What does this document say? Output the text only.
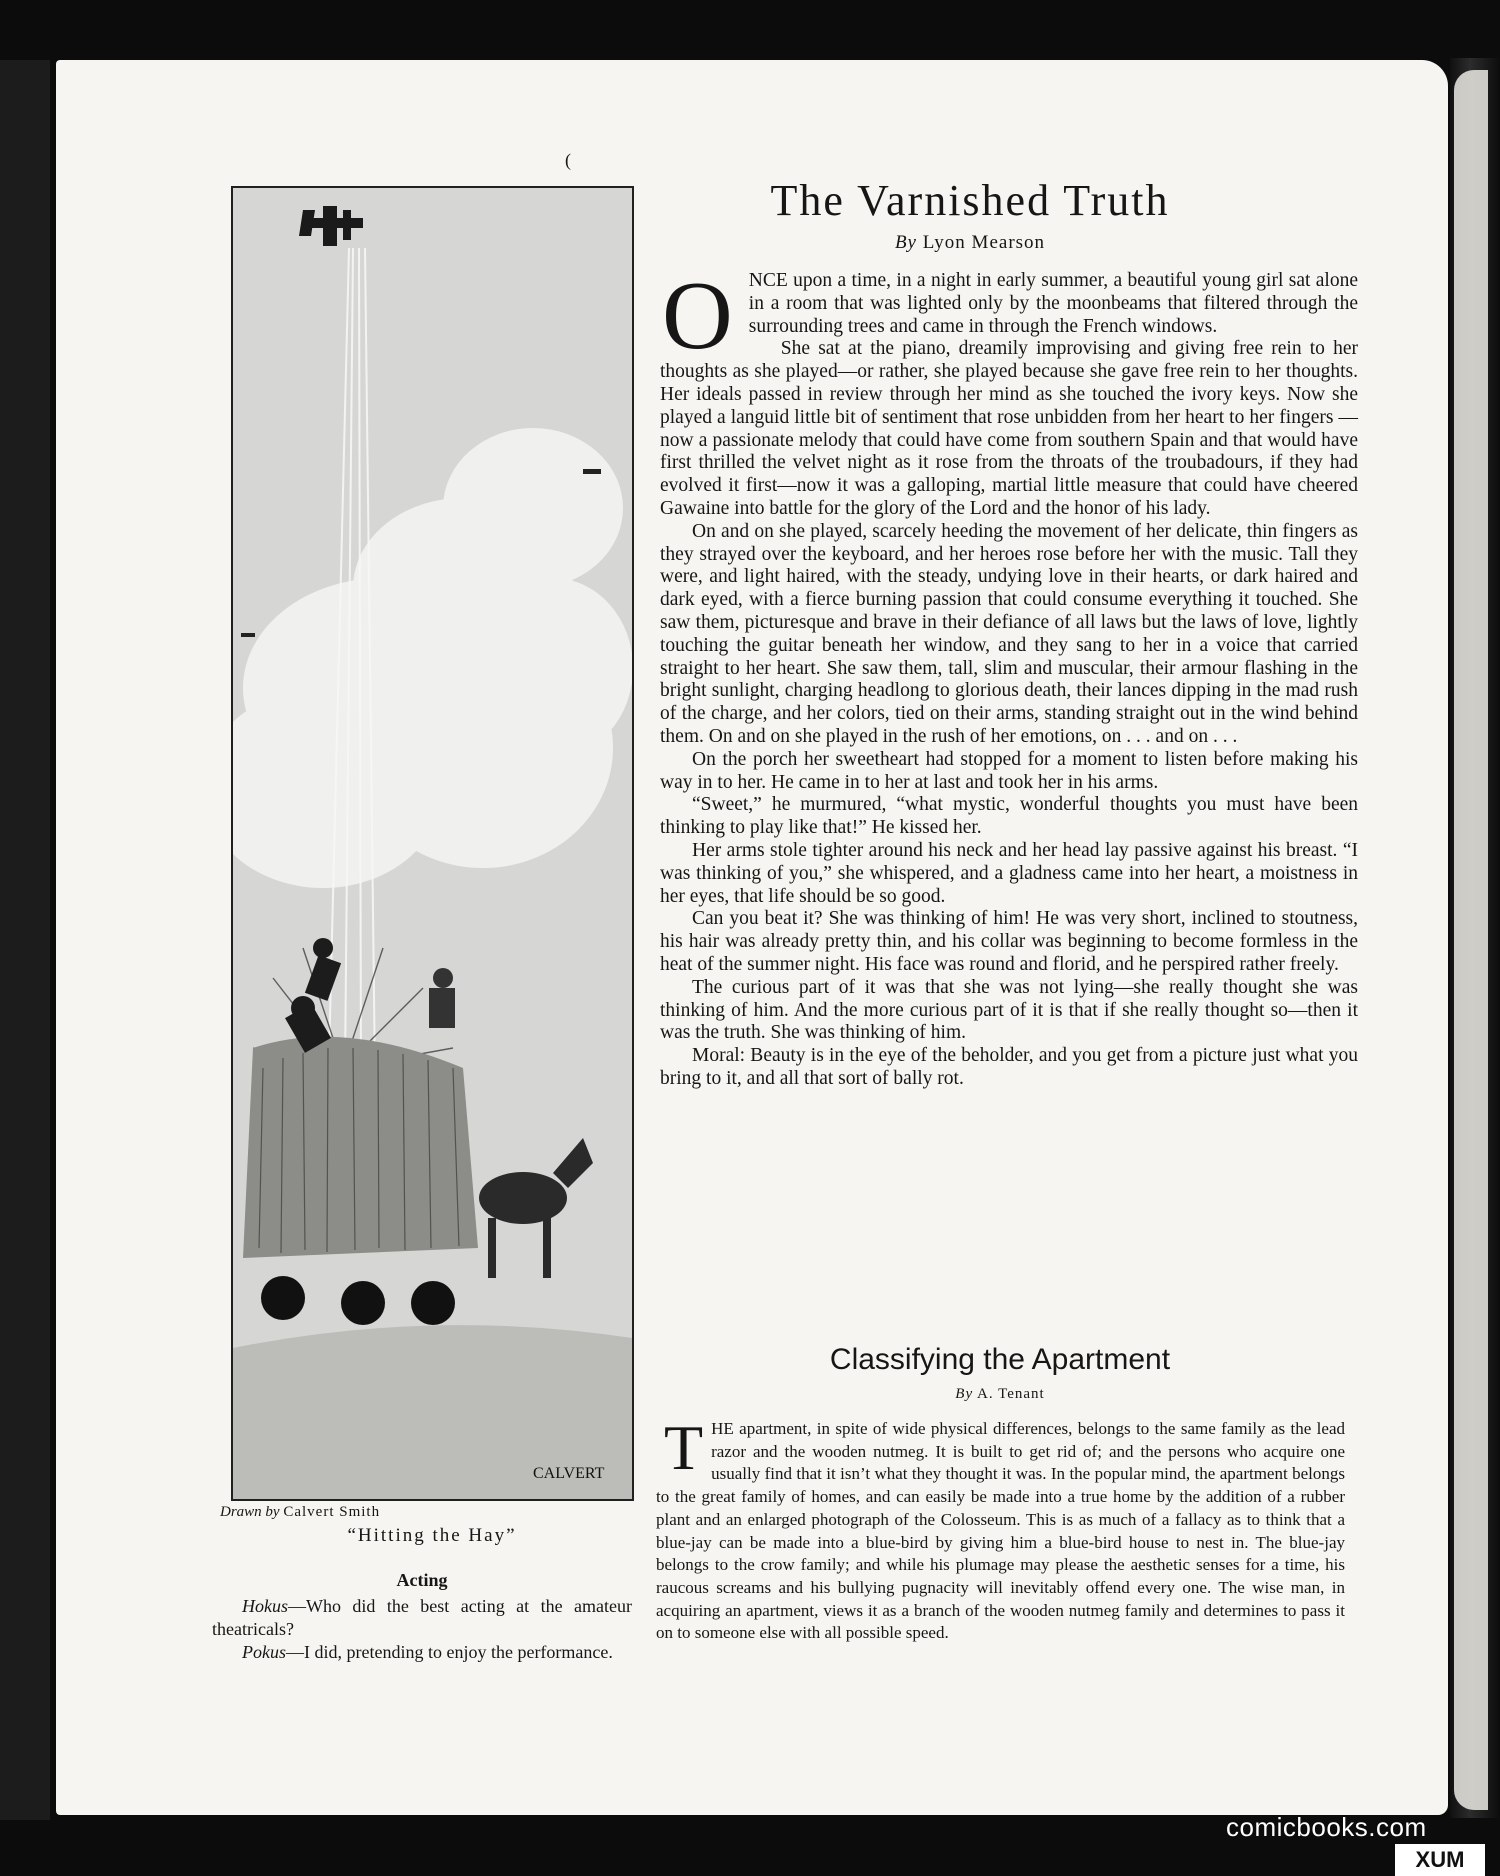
(
CALVERT
Drawn by Calvert Smith
“Hitting the Hay”
Acting

Hokus—Who did the best acting at the amateur theatricals?

Pokus—I did, pretending to enjoy the performance.

The Varnished Truth
By Lyon Mearson

ONCE upon a time, in a night in early summer, a beautiful young girl sat alone in a room that was lighted only by the moonbeams that filtered through the surrounding trees and came in through the French windows.

She sat at the piano, dreamily improvising and giving free rein to her thoughts as she played—or rather, she played because she gave free rein to her thoughts. Her ideals passed in review through her mind as she touched the ivory keys. Now she played a languid little bit of sentiment that rose unbidden from her heart to her fingers —now a passionate melody that could have come from southern Spain and that would have first thrilled the velvet night as it rose from the throats of the troubadours, if they had evolved it first—now it was a galloping, martial little measure that could have cheered Gawaine into battle for the glory of the Lord and the honor of his lady.

On and on she played, scarcely heeding the movement of her delicate, thin fingers as they strayed over the keyboard, and her heroes rose before her with the music. Tall they were, and light haired, with the steady, undying love in their hearts, or dark haired and dark eyed, with a fierce burning passion that could consume everything it touched. She saw them, picturesque and brave in their defiance of all laws but the laws of love, lightly touching the guitar beneath her window, and they sang to her in a voice that carried straight to her heart. She saw them, tall, slim and muscular, their armour flashing in the bright sunlight, charging headlong to glorious death, their lances dipping in the mad rush of the charge, and her colors, tied on their arms, standing straight out in the wind behind them. On and on she played in the rush of her emotions, on . . . and on . . .

On the porch her sweetheart had stopped for a moment to listen before making his way in to her. He came in to her at last and took her in his arms.

“Sweet,” he murmured, “what mystic, wonderful thoughts you must have been thinking to play like that!” He kissed her.

Her arms stole tighter around his neck and her head lay passive against his breast. “I was thinking of you,” she whispered, and a gladness came into her heart, a moistness in her eyes, that life should be so good.

Can you beat it? She was thinking of him! He was very short, inclined to stoutness, his hair was already pretty thin, and his collar was beginning to become formless in the heat of the summer night. His face was round and florid, and he perspired rather freely.

The curious part of it was that she was not lying—she really thought she was thinking of him. And the more curious part of it is that if she really thought so—then it was the truth. She was thinking of him.

Moral: Beauty is in the eye of the beholder, and you get from a picture just what you bring to it, and all that sort of bally rot.

Classifying the Apartment
By A. Tenant

THE apartment, in spite of wide physical differences, belongs to the same family as the lead razor and the wooden nutmeg. It is built to get rid of; and the persons who acquire one usually find that it isn’t what they thought it was. In the popular mind, the apartment belongs to the great family of homes, and can easily be made into a true home by the addition of a rubber plant and an enlarged photograph of the Colosseum. This is as much of a fallacy as to think that a blue-jay can be made into a blue-bird by giving him a blue-bird house to nest in. The blue-jay belongs to the crow family; and while his plumage may please the aesthetic senses for a time, his raucous screams and his bullying pugnacity will inevitably offend every one. The wise man, in acquiring an apartment, views it as a branch of the wooden nutmeg family and determines to pass it on to someone else with all possible speed.

comicbooks.com
XUM
